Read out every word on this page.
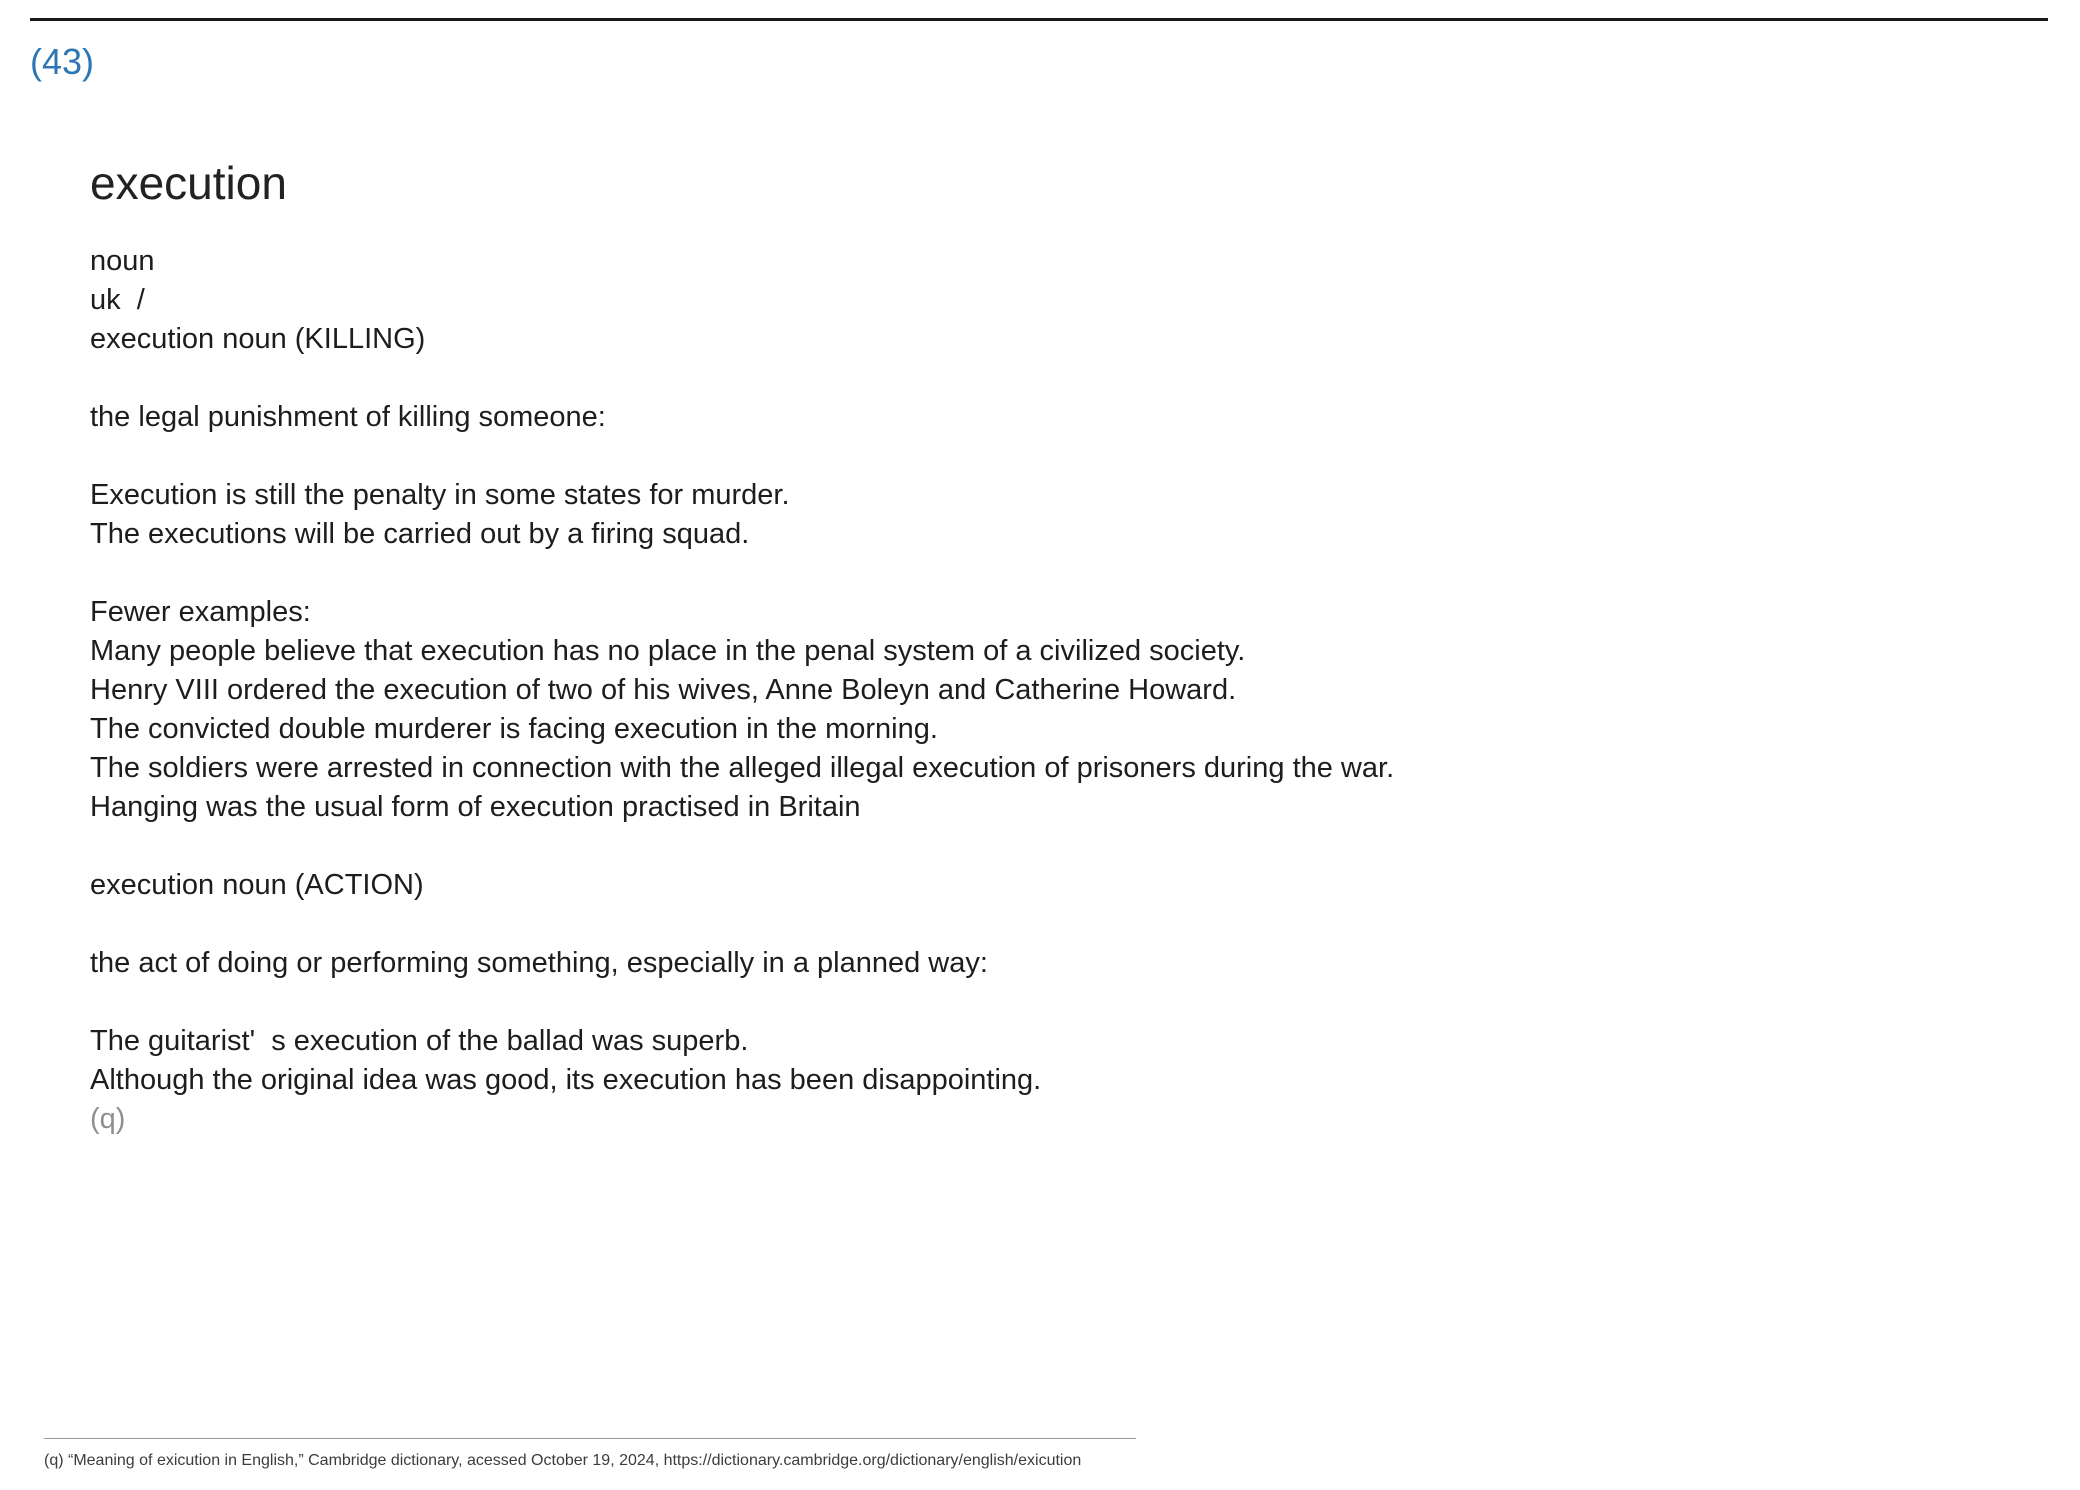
(43)
execution
noun
uk  /
execution noun (KILLING)
the legal punishment of killing someone:
Execution is still the penalty in some states for murder.
The executions will be carried out by a firing squad.
Fewer examples:
Many people believe that execution has no place in the penal system of a civilized society.
Henry VIII ordered the execution of two of his wives, Anne Boleyn and Catherine Howard.
The convicted double murderer is facing execution in the morning.
The soldiers were arrested in connection with the alleged illegal execution of prisoners during the war.
Hanging was the usual form of execution practised in Britain
execution noun (ACTION)
the act of doing or performing something, especially in a planned way:
The guitarist'  s execution of the ballad was superb.
Although the original idea was good, its execution has been disappointing.
(q)
(q) “Meaning of exicution in English,” Cambridge dictionary, acessed October 19, 2024, https://dictionary.cambridge.org/dictionary/english/exicution
